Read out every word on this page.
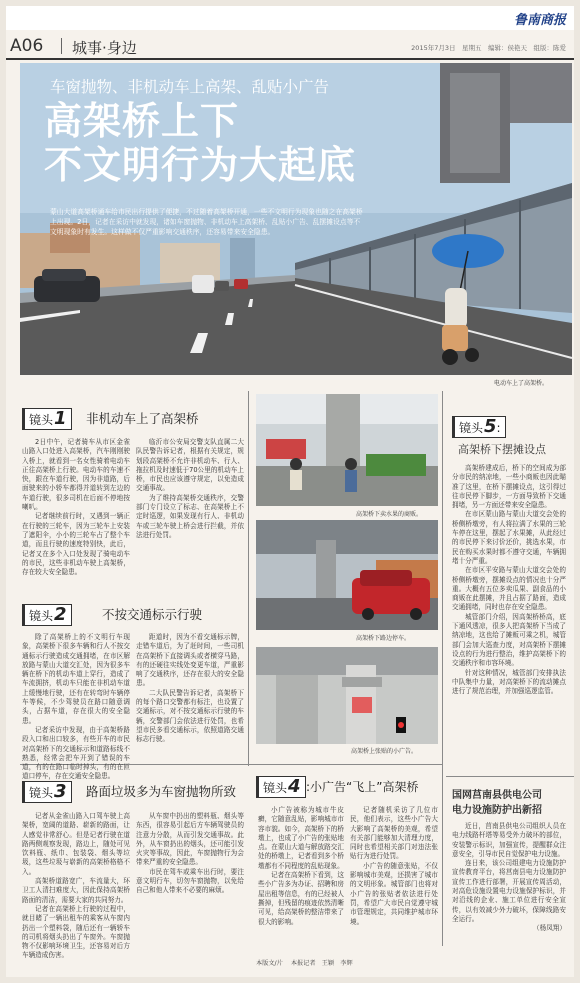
鲁南商报
A06 城事·身边	2015年7月3日　星期五　编辑：侯艳天　组版：陈爱
车窗抛物、非机动车上高架、乱贴小广告
高架桥上下
不文明行为大起底
蒙山大道高架桥通车给市民出行提供了便捷，不过随着高架桥开通，一些不文明行为现象也随之在高架桥上出现。2日，记者在采访中就发现，诸如车窗抛物、非机动车上高架桥、乱贴小广告、乱摆摊设点等不文明现象时有发生。这样做不仅严重影响交通秩序，还容易带来安全隐患。
电动车上了高架桥。
镜头1	非机动车上了高架桥

2日中午，记者骑车从市区金雀山路入口处进入高架桥，汽车刚刚驶入桥上，就看到一名女性骑着电动车正往高架桥上行驶。电动车的车速不快，跟在车道行驶，因为非道路，后面驶来的小轿车都得并道转到左边的车道行驶，很多司机在后面不停地按喇叭。

记者继续前行时，又遇到一辆正在行驶的三轮车，因为三轮车上安装了遮阳伞，小小的三轮车占了整个车道，而且行驶的速度特别快，此后，记者又在多个入口处发现了骑电动车的市民，这些非机动车驶上高架桥，存在较大安全隐患。

临沂市公安局交警支队直属二大队民警告诉记者，根据有关规定，规划段高架桥不允许非机动车、行人、拖拉机及时速低于70公里的机动车上桥，市民也应该遵守规定，以免造成交通事故。

为了维持高架桥交通秩序，交警部门专门设立了标志、在高架桥上不定时巡逻，如果发现有行人、非机动车或三轮车驶上桥会进行拦截，并依法进行处罚。

镜头2	不按交通标示行驶

除了高架桥上的不文明行车现象，高架桥下很多车辆和行人不按交通标示行驶造成交通拥堵，在市区解放路与蒙山大道交汇处，因为很多车辆在桥下的机动车道上穿行，造成了车流拥挤，机动车只能在非机动车道上缓慢地行驶，还有在转弯时车辆停车等候，不少驾驶员在路口随意调头，占据车道，存在很大的安全隐患。

记者采访中发现，由于高架桥路段入口和出口较多，有些开车的市民对高架桥下的交通标示和道路标线不熟悉，经常会把车开到了错误的车道，有的在路口临时掉头，有的在匝道口停车，存在交通安全隐患。

距道时，因为不看交通标示牌，走错车道后，为了赶时间，一些司机在高架桥下直接调头或者横穿马路，有的还硬往实线处变更车道，严重影响了交通秩序，还存在很大的安全隐患。

二大队民警告诉记者，高架桥下的每个路口交警都有标注，也设置了交通标示，对不按交通标示行驶的车辆，交警部门会依法进行处罚，也希望市民多看交通标示，依照道路交通标志行驶。

镜头3	路面垃圾多为车窗抛物所致

记者从金雀山路入口驾车驶上高架桥，宽阔的道路、崭新的路面，让人感觉非常舒心。但是记者行驶在道路两侧观察发现，路边上，随处可见饮料瓶、纸巾、包装袋、烟头等垃圾，这些垃圾与崭新的高架桥格格不入。

高架桥道路宽广，车流量大，环卫工人清扫难度大，因此保持高架桥路面的清洁，需要大家的共同努力。

记者在高架桥上行驶的过程中，就目睹了一辆出租车的乘客从车窗内扔出一个塑料袋，随后还有一辆轿车的司机将烟头扔出了车窗外。车窗抛物不仅影响环境卫生，还容易对后方车辆造成伤害。

从车窗中扔出的塑料瓶、烟头等东西，很容易引起后方车辆驾驶员的注意力分散，从而引发交通事故。此外，从车窗扔出的烟头，还可能引发火灾等事故，因此，车窗抛物行为会带来严重的安全隐患。

市民在驾车或乘车出行时，要注意文明行车，切勿车窗抛物，以免给自己和他人带来不必要的麻烦。

高架桥下卖水果的商贩。
高架桥下路边停车。
高架桥上张贴的小广告。
镜头4 :小广告“飞上”高架桥

小广告被称为城市牛皮癣，它随意乱贴，影响城市市容市貌。如今，高架桥下的桥墩上，也成了小广告的张贴地点。在蒙山大道与解放路交汇处的桥墩上，记者看到多个桥墩都有不同程度的乱贴现象。

记者在高架桥下看到，这些小广告多为办证、招聘和房屋出租等信息，有的已经被人撕掉，但残留的痕迹依然清晰可见，给高架桥的整洁带来了很大的影响。

记者随机采访了几位市民，他们表示，这些小广告大大影响了高架桥的美观，希望有关部门能够加大清理力度，同时也希望相关部门对违法张贴行为进行处罚。

小广告的随意张贴，不仅影响城市美观，还损害了城市的文明形象。城管部门也将对小广告的张贴者依法进行处罚，希望广大市民自觉遵守城市管理规定，共同维护城市环境。

镜头5:
高架桥下摆摊设点

高架桥建成后，桥下的空间成为部分市民的纳凉地，一些小商贩也因此瞄准了这里，在桥下摆摊设点，这引得过往市民停下脚步，一方面导致桥下交通拥堵，另一方面还带来安全隐患。

在市区蒙山路与蒙山大道交会处的桥侧桥墩旁，有人将拉满了水果的三轮车停在这里，摆起了水果摊，从此经过的市民停下来讨价还价，挑选水果，市民在购买水果时都不遵守交通，车辆拥堵十分严重。

在市区平安路与蒙山大道交会处的桥侧桥墩旁，摆摊设点的情况也十分严重。大概有五位多卖瓜果、副食品的小商贩在此摆摊，并且占据了路面，造成交通拥堵，同时也存在安全隐患。

城管部门介绍，因高架桥桥高，底下通风透凉，很多人把高架桥下当成了纳凉地，这也给了摊贩可乘之机，城管部门会加大巡查力度，对高架桥下摆摊设点的行为进行整治，维护高架桥下的交通秩序和市容环境。

针对这种情况，城管部门安排执法中队集中力量，对高架桥下的流动摊点进行了规范治理，并加强巡逻监管。

国网莒南县供电公司
电力设施防护出新招

近日，莒南县供电公司组织人员在电力线路杆塔等易受外力破坏的部位，安装警示标识，加强宣传，提醒群众注意安全，引导市民自觉保护电力设施。

连日来，该公司组建电力设施防护宣传教育平台，将莒南县电力设施防护宣传工作进行部署，开展宣传周活动，对高危设施设置电力设施保护标识，并对沿线的企业、施工单位进行安全宣传，以有效减少外力破坏，保障线路安全运行。

（杨凤翔）

本版文/片 本报记者　王颖　李辉
